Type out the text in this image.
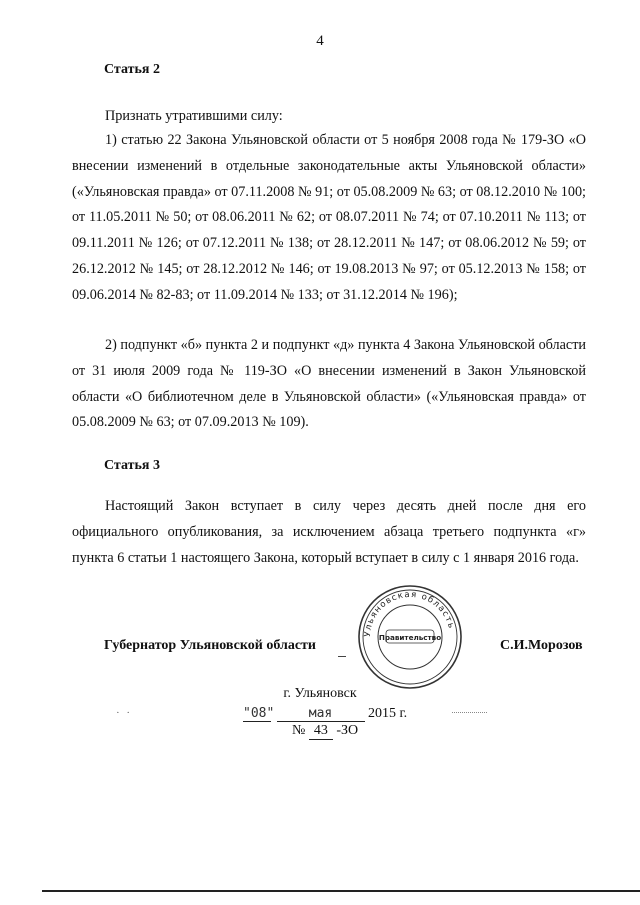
4
Статья 2
Признать утратившими силу:
1) статью 22 Закона Ульяновской области от 5 ноября 2008 года № 179-ЗО «О внесении изменений в отдельные законодательные акты Ульяновской области» («Ульяновская правда» от 07.11.2008 № 91; от 05.08.2009 № 63; от 08.12.2010 № 100; от 11.05.2011 № 50; от 08.06.2011 № 62; от 08.07.2011 № 74; от 07.10.2011 № 113; от 09.11.2011 № 126; от 07.12.2011 № 138; от 28.12.2011 № 147; от 08.06.2012 № 59; от 26.12.2012 № 145; от 28.12.2012 № 146; от 19.08.2013 № 97; от 05.12.2013 № 158; от 09.06.2014 № 82-83; от 11.09.2014 № 133; от 31.12.2014 № 196);
2) подпункт «б» пункта 2 и подпункт «д» пункта 4 Закона Ульяновской области от 31 июля 2009 года № 119-ЗО «О внесении изменений в Закон Ульяновской области «О библиотечном деле в Ульяновской области» («Ульяновская правда» от 05.08.2009 № 63; от 07.09.2013 № 109).
Статья 3
Настоящий Закон вступает в силу через десять дней после дня его официального опубликования, за исключением абзаца третьего подпункта «г» пункта 6 статьи 1 настоящего Закона, который вступает в силу с 1 января 2016 года.
Губернатор Ульяновской области
Ульяновская область
Правительство
С.И.Морозов
г. Ульяновск
· ·	"08"	мая	2015 г.
№ 43 -ЗО
